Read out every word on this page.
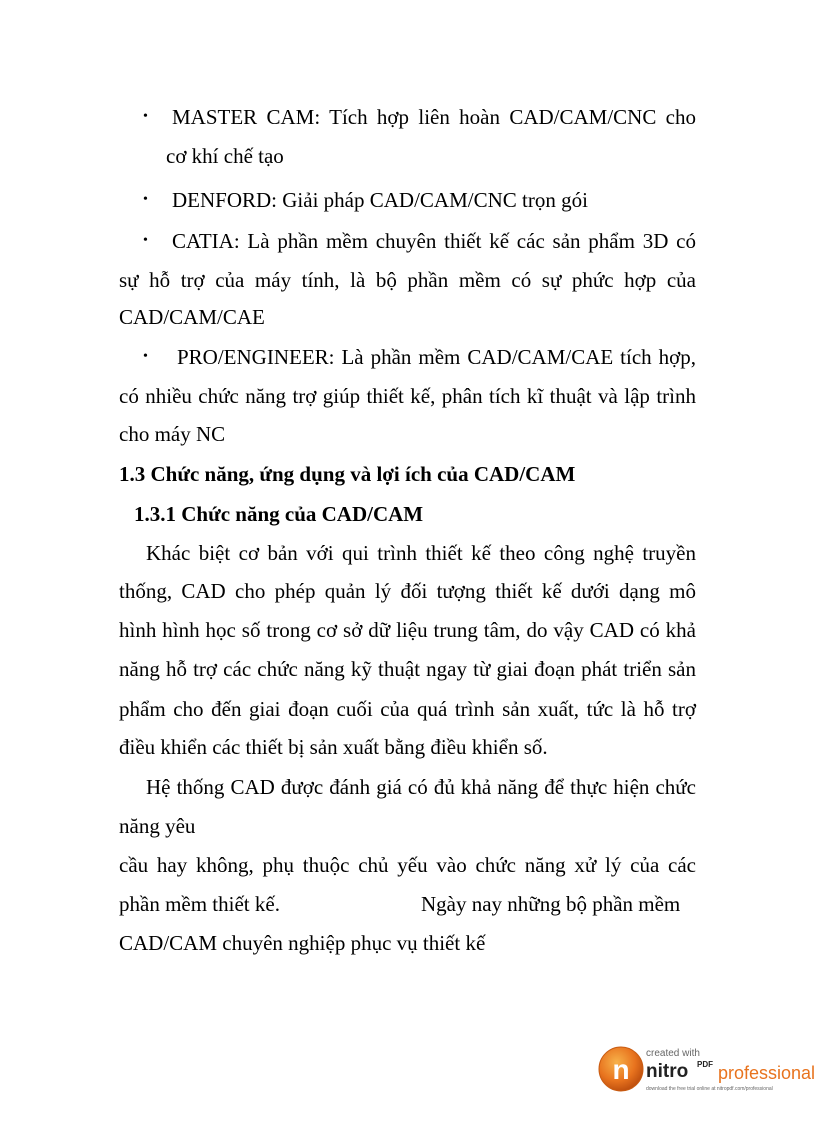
• MASTER CAM: Tích hợp liên hoàn CAD/CAM/CNC cho
cơ khí chế tạo
• DENFORD: Giải pháp CAD/CAM/CNC trọn gói
• CATIA: Là phần mềm chuyên thiết kế các sản phẩm 3D có
sự hỗ trợ của máy tính, là bộ phần mềm có sự phức hợp của
CAD/CAM/CAE
• PRO/ENGINEER: Là phần mềm CAD/CAM/CAE tích hợp,
có nhiều chức năng trợ giúp thiết kế, phân tích kĩ thuật và lập trình
cho máy NC
1.3 Chức năng, ứng dụng và lợi ích của CAD/CAM
1.3.1 Chức năng của CAD/CAM
Khác biệt cơ bản với qui trình thiết kế theo công nghệ truyền
thống, CAD cho phép quản lý đối tượng thiết kế dưới dạng mô
hình hình học số trong cơ sở dữ liệu trung tâm, do vậy CAD có khả
năng hỗ trợ các chức năng kỹ thuật ngay từ giai đoạn phát triển sản
phẩm cho đến giai đoạn cuối của quá trình sản xuất, tức là hỗ trợ
điều khiển các thiết bị sản xuất bằng điều khiển số.
Hệ thống CAD được đánh giá có đủ khả năng để thực hiện chức
năng yêu
cầu hay không, phụ thuộc chủ yếu vào chức năng xử lý của các
phần mềm thiết kế.	Ngày nay những bộ phần mềm
CAD/CAM chuyên nghiệp phục vụ thiết kế
n
created with
nitro PDF professional
download the free trial online at nitropdf.com/professional
